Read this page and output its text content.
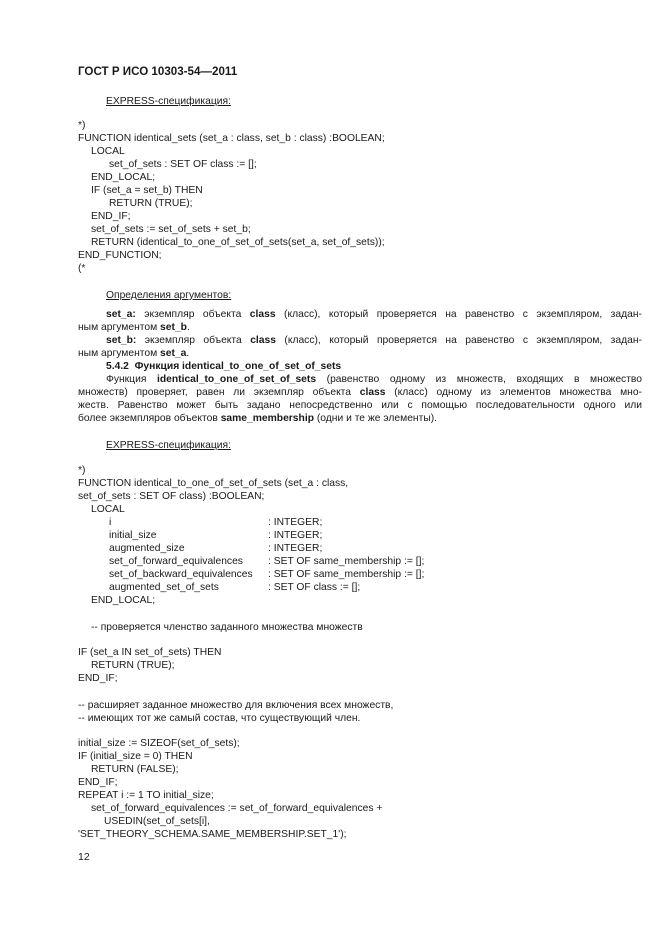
ГОСТ Р ИСО 10303-54—2011
EXPRESS-спецификация:
*)
FUNCTION identical_sets (set_a : class, set_b : class) :BOOLEAN;
LOCAL
set_of_sets : SET OF class := [];
END_LOCAL;
IF (set_a = set_b) THEN
RETURN (TRUE);
END_IF;
set_of_sets := set_of_sets + set_b;
RETURN (identical_to_one_of_set_of_sets(set_a, set_of_sets));
END_FUNCTION;
(*
Определения аргументов:
set_a: экземпляр объекта class (класс), который проверяется на равенство с экземпляром, задан-
ным аргументом set_b.
set_b: экземпляр объекта class (класс), который проверяется на равенство с экземпляром, задан-
ным аргументом set_a.
5.4.2 Функция identical_to_one_of_set_of_sets
Функция identical_to_one_of_set_of_sets (равенство одному из множеств, входящих в множество
множеств) проверяет, равен ли экземпляр объекта class (класс) одному из элементов множества мно-
жеств. Равенство может быть задано непосредственно или с помощью последовательности одного или
более экземпляров объектов same_membership (одни и те же элементы).
EXPRESS-спецификация:
*)
FUNCTION identical_to_one_of_set_of_sets (set_a : class,
set_of_sets : SET OF class) :BOOLEAN;
LOCAL
i	: INTEGER;
initial_size	: INTEGER;
augmented_size	: INTEGER;
set_of_forward_equivalences : SET OF same_membership := [];
set_of_backward_equivalences : SET OF same_membership := [];
augmented_set_of_sets	: SET OF class := [];
END_LOCAL;
-- проверяется членство заданного множества множеств
IF (set_a IN set_of_sets) THEN
RETURN (TRUE);
END_IF;
-- расширяет заданное множество для включения всех множеств,
-- имеющих тот же самый состав, что существующий член.
initial_size := SIZEOF(set_of_sets);
IF (initial_size = 0) THEN
RETURN (FALSE);
END_IF;
REPEAT i := 1 TO initial_size;
set_of_forward_equivalences := set_of_forward_equivalences +
USEDIN(set_of_sets[i],
'SET_THEORY_SCHEMA.SAME_MEMBERSHIP.SET_1');
12
